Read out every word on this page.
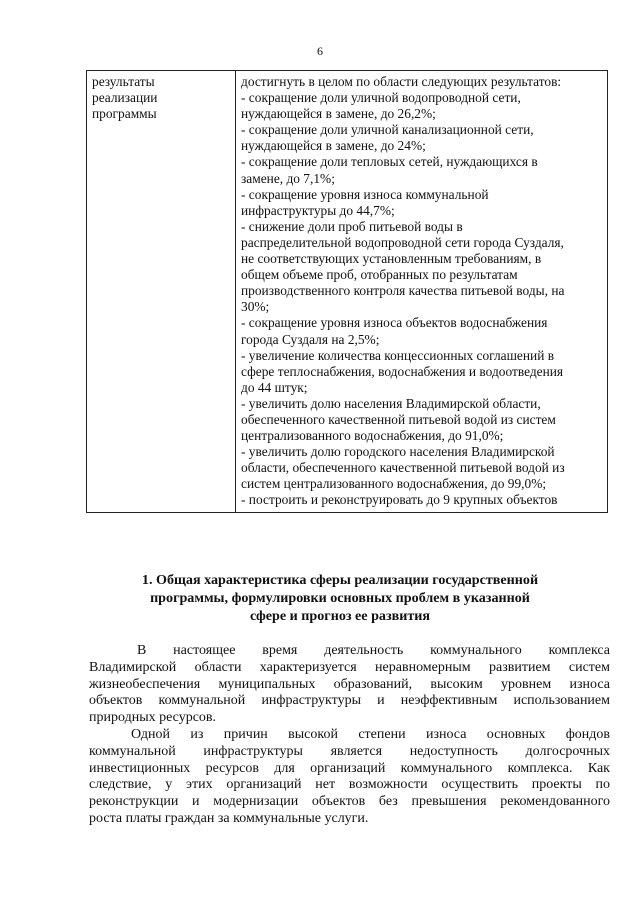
6
результаты
реализации
программы

достигнуть в целом по области следующих результатов:
- сокращение доли уличной водопроводной сети,
нуждающейся в замене, до 26,2%;
- сокращение доли уличной канализационной сети,
нуждающейся в замене, до 24%;
- сокращение доли тепловых сетей, нуждающихся в
замене, до 7,1%;
- сокращение уровня износа коммунальной
инфраструктуры до 44,7%;
- снижение доли проб питьевой воды в
распределительной водопроводной сети города Суздаля,
не соответствующих установленным требованиям, в
общем объеме проб, отобранных по результатам
производственного контроля качества питьевой воды, на
30%;
- сокращение уровня износа объектов водоснабжения
города Суздаля на 2,5%;
- увеличение количества концессионных соглашений в
сфере теплоснабжения, водоснабжения и водоотведения
до 44 штук;
- увеличить долю населения Владимирской области,
обеспеченного качественной питьевой водой из систем
централизованного водоснабжения, до 91,0%;
- увеличить долю городского населения Владимирской
области, обеспеченного качественной питьевой водой из
систем централизованного водоснабжения, до 99,0%;
- построить и реконструировать до 9 крупных объектов
1. Общая характеристика сферы реализации государственной
программы, формулировки основных проблем в указанной
сфере и прогноз ее развития
В настоящее время деятельность коммунального комплекса
Владимирской области характеризуется неравномерным развитием систем
жизнеобеспечения муниципальных образований, высоким уровнем износа
объектов коммунальной инфраструктуры и неэффективным использованием
природных ресурсов.
Одной из причин высокой степени износа основных фондов
коммунальной инфраструктуры является недоступность долгосрочных
инвестиционных ресурсов для организаций коммунального комплекса. Как
следствие, у этих организаций нет возможности осуществить проекты по
реконструкции и модернизации объектов без превышения рекомендованного
роста платы граждан за коммунальные услуги.
